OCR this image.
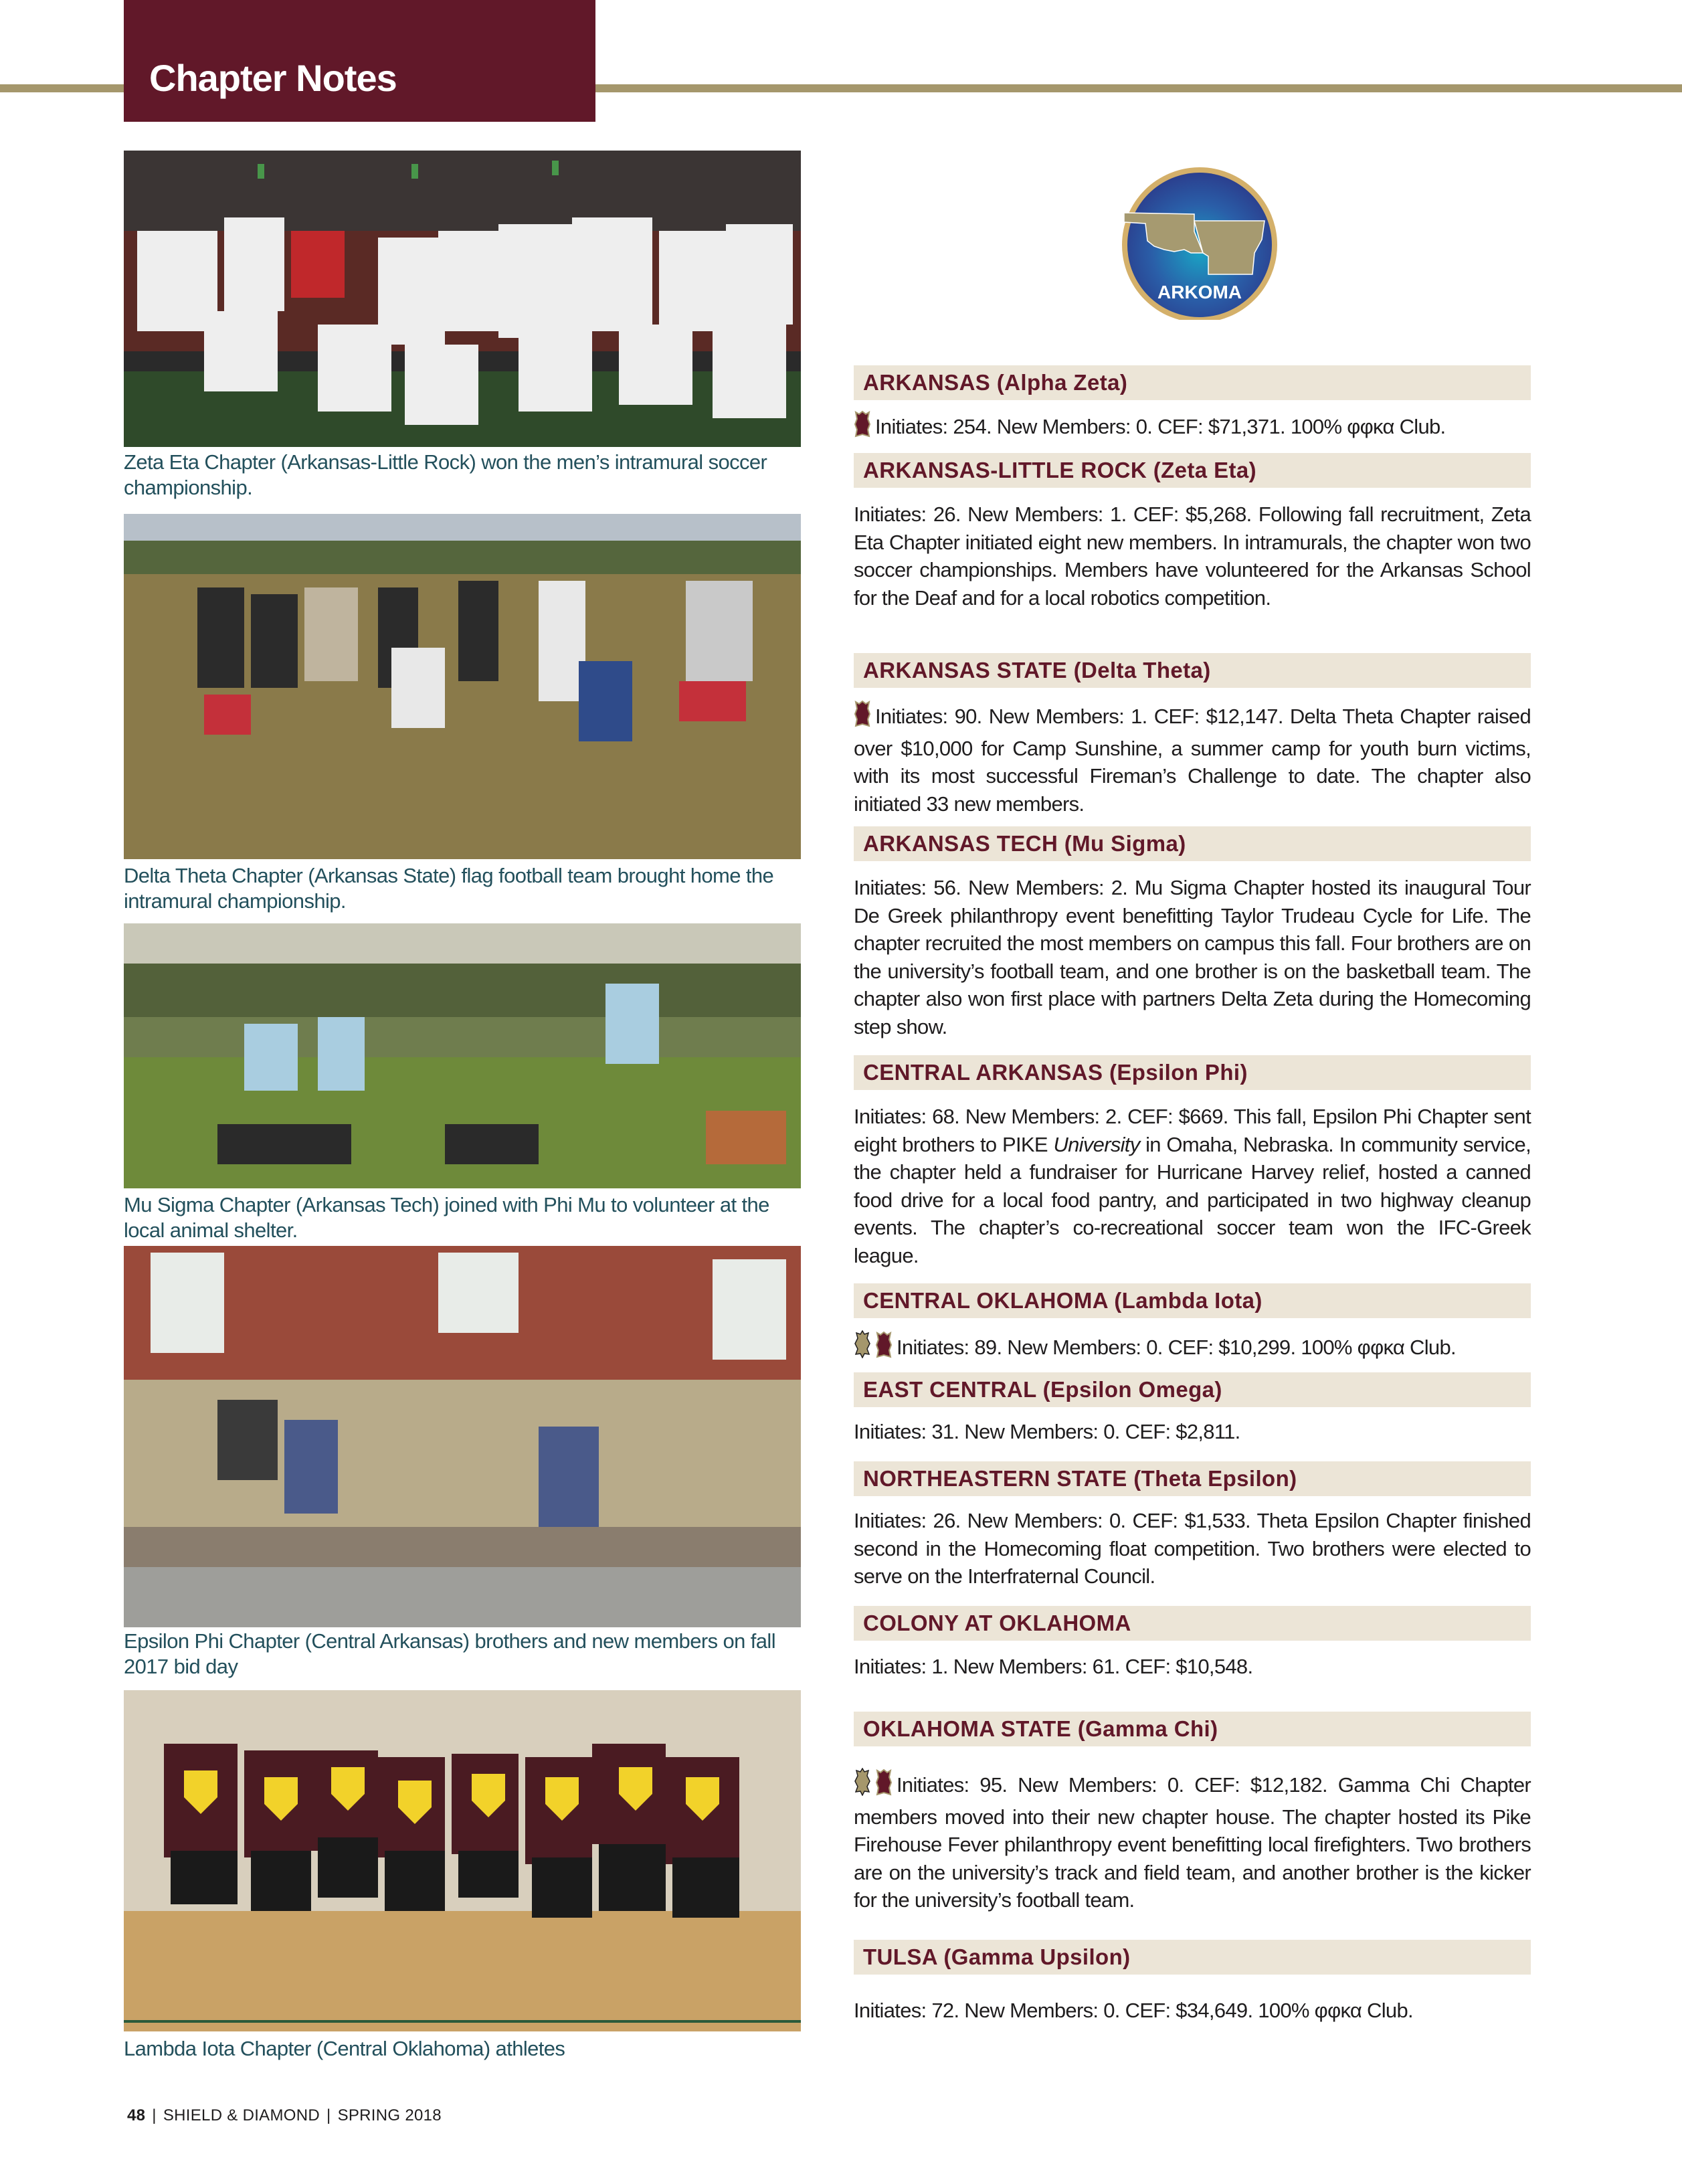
Chapter Notes
Zeta Eta Chapter (Arkansas-Little Rock) won the men’s intramural soccer championship.
Delta Theta Chapter (Arkansas State) flag football team brought home the intramural championship.
Mu Sigma Chapter (Arkansas Tech) joined with Phi Mu to volunteer at the local animal shelter.
Epsilon Phi Chapter (Central Arkansas) brothers and new members on fall 2017 bid day
Lambda Iota Chapter (Central Oklahoma) athletes
ARKOMA
ARKANSAS (Alpha Zeta)
Initiates: 254. New Members: 0. CEF: $71,371. 100% φφκα Club.
ARKANSAS-LITTLE ROCK (Zeta Eta)
Initiates: 26. New Members: 1. CEF: $5,268. Following fall recruitment, Zeta Eta Chapter initiated eight new members. In intramurals, the chapter won two soccer championships. Members have volunteered for the Arkansas School for the Deaf and for a local robotics competition.
ARKANSAS STATE (Delta Theta)
Initiates: 90. New Members: 1. CEF: $12,147. Delta Theta Chapter raised over $10,000 for Camp Sunshine, a summer camp for youth burn victims, with its most successful Fireman’s Challenge to date. The chapter also initiated 33 new members.
ARKANSAS TECH (Mu Sigma)
Initiates: 56. New Members: 2. Mu Sigma Chapter hosted its inaugural Tour De Greek philanthropy event benefitting Taylor Trudeau Cycle for Life. The chapter recruited the most members on campus this fall. Four brothers are on the university’s football team, and one brother is on the basketball team. The chapter also won first place with partners Delta Zeta during the Homecoming step show.
CENTRAL ARKANSAS (Epsilon Phi)
Initiates: 68. New Members: 2. CEF: $669. This fall, Epsilon Phi Chapter sent eight brothers to PIKE University in Omaha, Nebraska. In community service, the chapter held a fundraiser for Hurricane Harvey relief, hosted a canned food drive for a local food pantry, and participated in two highway cleanup events. The chapter’s co-recreational soccer team won the IFC-Greek league.
CENTRAL OKLAHOMA (Lambda Iota)
Initiates: 89. New Members: 0. CEF: $10,299. 100% φφκα Club.
EAST CENTRAL (Epsilon Omega)
Initiates: 31. New Members: 0. CEF: $2,811.
NORTHEASTERN STATE (Theta Epsilon)
Initiates: 26. New Members: 0. CEF: $1,533. Theta Epsilon Chapter finished second in the Homecoming float competition. Two brothers were elected to serve on the Interfraternal Council.
COLONY AT OKLAHOMA
Initiates: 1. New Members: 61. CEF: $10,548.
OKLAHOMA STATE (Gamma Chi)
Initiates: 95. New Members: 0. CEF: $12,182. Gamma Chi Chapter members moved into their new chapter house. The chapter hosted its Pike Firehouse Fever philanthropy event benefitting local firefighters. Two brothers are on the university’s track and field team, and another brother is the kicker for the university’s football team.
TULSA (Gamma Upsilon)
Initiates: 72. New Members: 0. CEF: $34,649. 100% φφκα Club.
48 | SHIELD & DIAMOND | SPRING 2018
